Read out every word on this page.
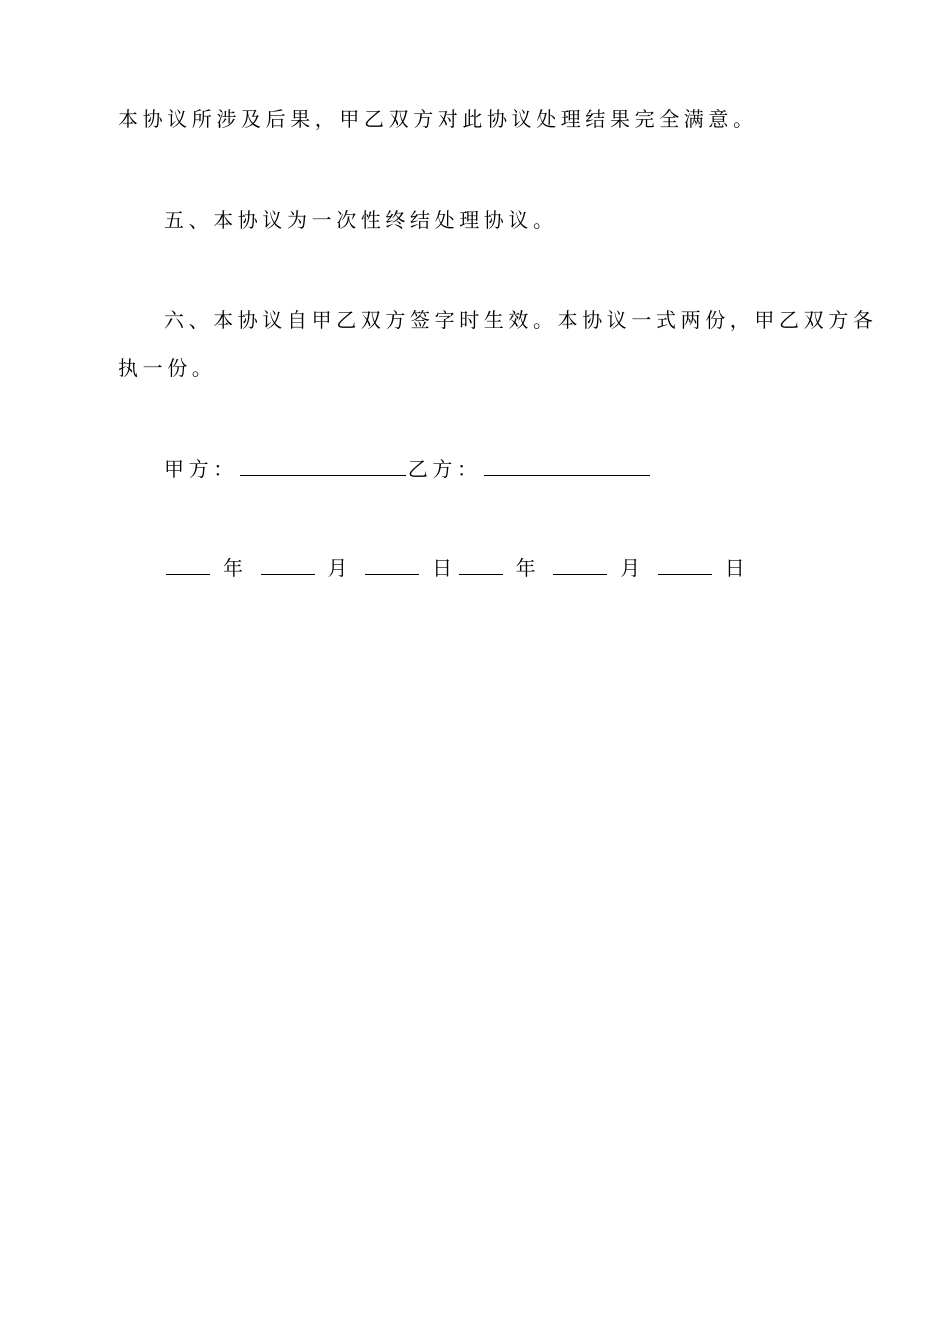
本协议所涉及后果，甲乙双方对此协议处理结果完全满意。
五、本协议为一次性终结处理协议。
六、本协议自甲乙双方签字时生效。本协议一式两份，甲乙双方各
执一份。
甲方：	乙方：
年	月	日	年	月	日
